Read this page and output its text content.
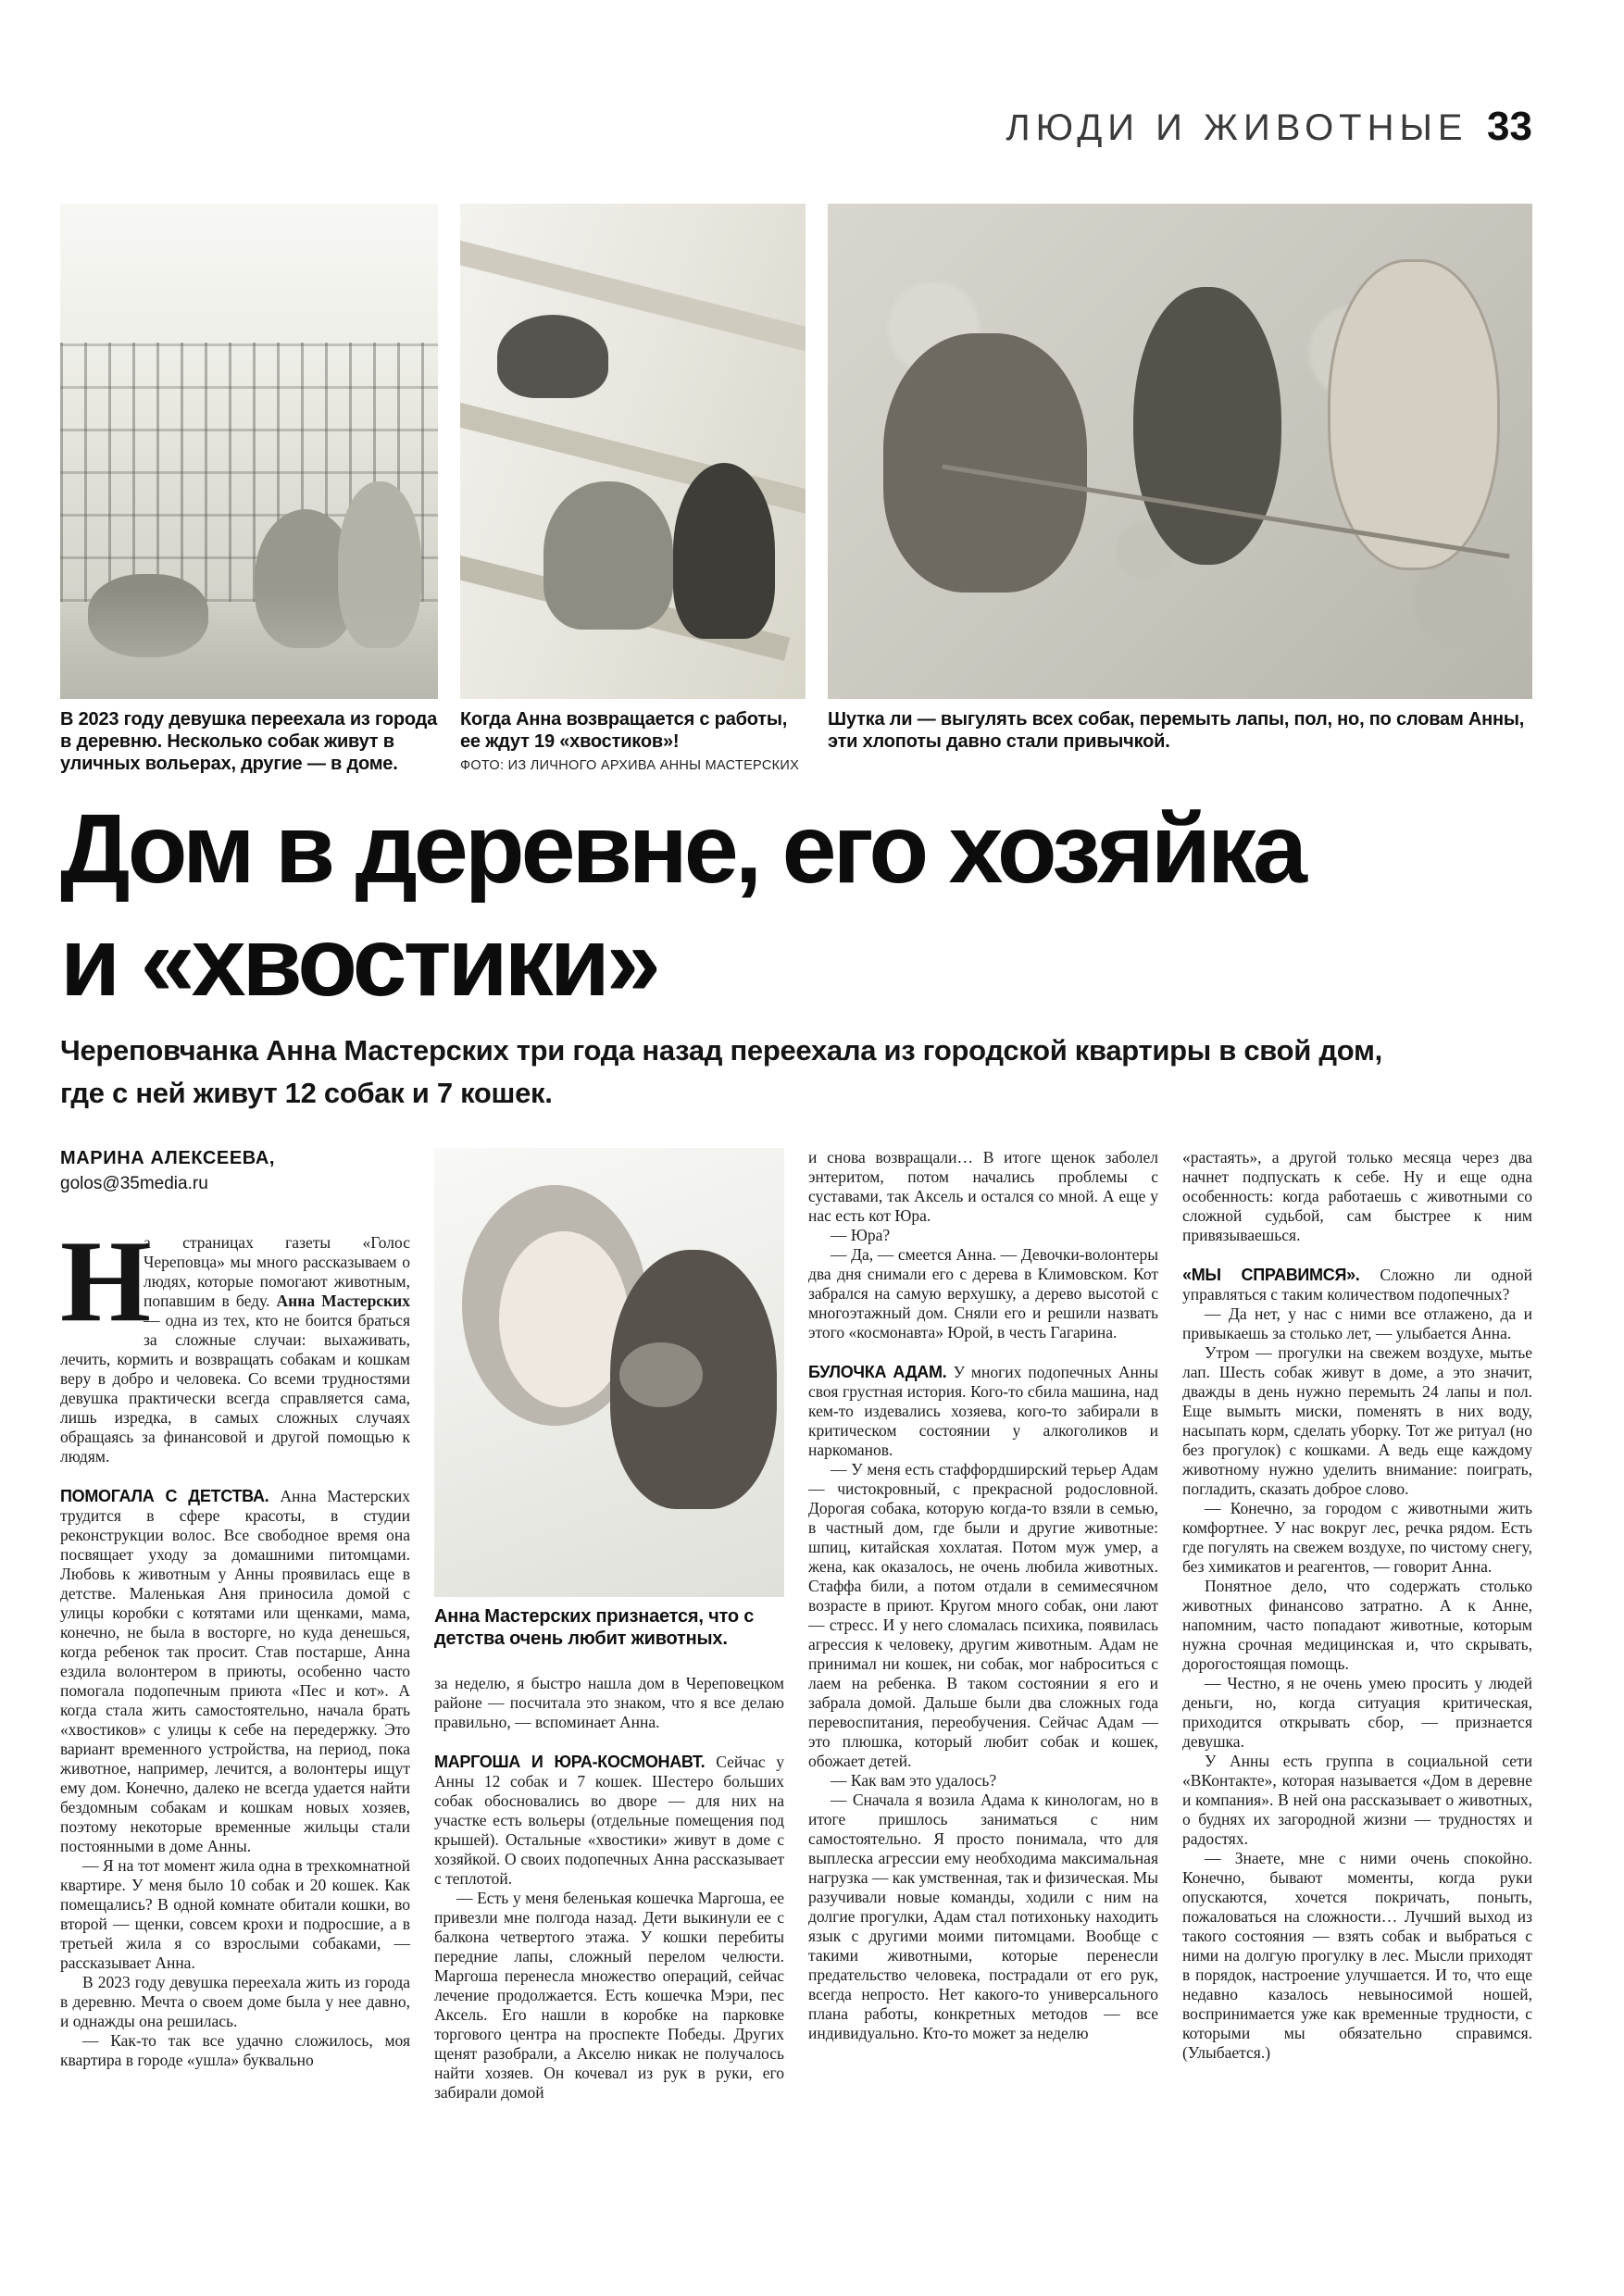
ЛЮДИ И ЖИВОТНЫЕ 33
В 2023 году девушка переехала из города в деревню. Несколько собак живут в уличных вольерах, другие — в доме.
Когда Анна возвращается с работы, ее ждут 19 «хвостиков»!
ФОТО: ИЗ ЛИЧНОГО АРХИВА АННЫ МАСТЕРСКИХ
Шутка ли — выгулять всех собак, перемыть лапы, пол, но, по словам Анны, эти хлопоты давно стали привычкой.
Дом в деревне, его хозяйка
и «хвостики»
Череповчанка Анна Мастерских три года назад переехала из городской квартиры в свой дом, где с ней живут 12 собак и 7 кошек.
МАРИНА АЛЕКСЕЕВА,
golos@35media.ru

Н
а страницах газеты «Голос Череповца» мы много рассказываем о людях, которые помогают животным, попавшим в беду. Анна Мастерских — одна из тех, кто не боится браться за сложные случаи: выхаживать, лечить, кормить и возвращать собакам и кошкам веру в добро и человека. Со всеми трудностями девушка практически всегда справляется сама, лишь изредка, в самых сложных случаях обращаясь за финансовой и другой помощью к людям.

ПОМОГАЛА С ДЕТСТВА. Анна Мастерских трудится в сфере красоты, в студии реконструкции волос. Все свободное время она посвящает уходу за домашними питомцами. Любовь к животным у Анны проявилась еще в детстве. Маленькая Аня приносила домой с улицы коробки с котятами или щенками, мама, конечно, не была в восторге, но куда денешься, когда ребенок так просит. Став постарше, Анна ездила волонтером в приюты, особенно часто помогала подопечным приюта «Пес и кот». А когда стала жить самостоятельно, начала брать «хвостиков» с улицы к себе на передержку. Это вариант временного устройства, на период, пока животное, например, лечится, а волонтеры ищут ему дом. Конечно, далеко не всегда удается найти бездомным собакам и кошкам новых хозяев, поэтому некоторые временные жильцы стали постоянными в доме Анны.

— Я на тот момент жила одна в трехкомнатной квартире. У меня было 10 собак и 20 кошек. Как помещались? В одной комнате обитали кошки, во второй — щенки, совсем крохи и подросшие, а в третьей жила я со взрослыми собаками, — рассказывает Анна.

В 2023 году девушка переехала жить из города в деревню. Мечта о своем доме была у нее давно, и однажды она решилась.

— Как-то так все удачно сложилось, моя квартира в городе «ушла» буквально

Анна Мастерских признается, что с детства очень любит животных.

за неделю, я быстро нашла дом в Череповецком районе — посчитала это знаком, что я все делаю правильно, — вспоминает Анна.

МАРГОША И ЮРА-КОСМОНАВТ. Сейчас у Анны 12 собак и 7 кошек. Шестеро больших собак обосновались во дворе — для них на участке есть вольеры (отдельные помещения под крышей). Остальные «хвостики» живут в доме с хозяйкой. О своих подопечных Анна рассказывает с теплотой.

— Есть у меня беленькая кошечка Маргоша, ее привезли мне полгода назад. Дети выкинули ее с балкона четвертого этажа. У кошки перебиты передние лапы, сложный перелом челюсти. Маргоша перенесла множество операций, сейчас лечение продолжается. Есть кошечка Мэри, пес Аксель. Его нашли в коробке на парковке торгового центра на проспекте Победы. Других щенят разобрали, а Акселю никак не получалось найти хозяев. Он кочевал из рук в руки, его забирали домой

и снова возвращали… В итоге щенок заболел энтеритом, потом начались проблемы с суставами, так Аксель и остался со мной. А еще у нас есть кот Юра.

— Юра?

— Да, — смеется Анна. — Девочки-волонтеры два дня снимали его с дерева в Климовском. Кот забрался на самую верхушку, а дерево высотой с многоэтажный дом. Сняли его и решили назвать этого «космонавта» Юрой, в честь Гагарина.

БУЛОЧКА АДАМ. У многих подопечных Анны своя грустная история. Кого-то сбила машина, над кем-то издевались хозяева, кого-то забирали в критическом состоянии у алкоголиков и наркоманов.

— У меня есть стаффордширский терьер Адам — чистокровный, с прекрасной родословной. Дорогая собака, которую когда-то взяли в семью, в частный дом, где были и другие животные: шпиц, китайская хохлатая. Потом муж умер, а жена, как оказалось, не очень любила животных. Стаффа били, а потом отдали в семимесячном возрасте в приют. Кругом много собак, они лают — стресс. И у него сломалась психика, появилась агрессия к человеку, другим животным. Адам не принимал ни кошек, ни собак, мог наброситься с лаем на ребенка. В таком состоянии я его и забрала домой. Дальше были два сложных года перевоспитания, переобучения. Сейчас Адам — это плюшка, который любит собак и кошек, обожает детей.

— Как вам это удалось?

— Сначала я возила Адама к кинологам, но в итоге пришлось заниматься с ним самостоятельно. Я просто понимала, что для выплеска агрессии ему необходима максимальная нагрузка — как умственная, так и физическая. Мы разучивали новые команды, ходили с ним на долгие прогулки, Адам стал потихоньку находить язык с другими моими питомцами. Вообще с такими животными, которые перенесли предательство человека, пострадали от его рук, всегда непросто. Нет какого-то универсального плана работы, конкретных методов — все индивидуально. Кто-то может за неделю

«растаять», а другой только месяца через два начнет подпускать к себе. Ну и еще одна особенность: когда работаешь с животными со сложной судьбой, сам быстрее к ним привязываешься.

«МЫ СПРАВИМСЯ». Сложно ли одной управляться с таким количеством подопечных?

— Да нет, у нас с ними все отлажено, да и привыкаешь за столько лет, — улыбается Анна.

Утром — прогулки на свежем воздухе, мытье лап. Шесть собак живут в доме, а это значит, дважды в день нужно перемыть 24 лапы и пол. Еще вымыть миски, поменять в них воду, насыпать корм, сделать уборку. Тот же ритуал (но без прогулок) с кошками. А ведь еще каждому животному нужно уделить внимание: поиграть, погладить, сказать доброе слово.

— Конечно, за городом с животными жить комфортнее. У нас вокруг лес, речка рядом. Есть где погулять на свежем воздухе, по чистому снегу, без химикатов и реагентов, — говорит Анна.

Понятное дело, что содержать столько животных финансово затратно. А к Анне, напомним, часто попадают животные, которым нужна срочная медицинская и, что скрывать, дорогостоящая помощь.

— Честно, я не очень умею просить у людей деньги, но, когда ситуация критическая, приходится открывать сбор, — признается девушка.

У Анны есть группа в социальной сети «ВКонтакте», которая называется «Дом в деревне и компания». В ней она рассказывает о животных, о буднях их загородной жизни — трудностях и радостях.

— Знаете, мне с ними очень спокойно. Конечно, бывают моменты, когда руки опускаются, хочется покричать, поныть, пожаловаться на сложности… Лучший выход из такого состояния — взять собак и выбраться с ними на долгую прогулку в лес. Мысли приходят в порядок, настроение улучшается. И то, что еще недавно казалось невыносимой ношей, воспринимается уже как временные трудности, с которыми мы обязательно справимся. (Улыбается.)
